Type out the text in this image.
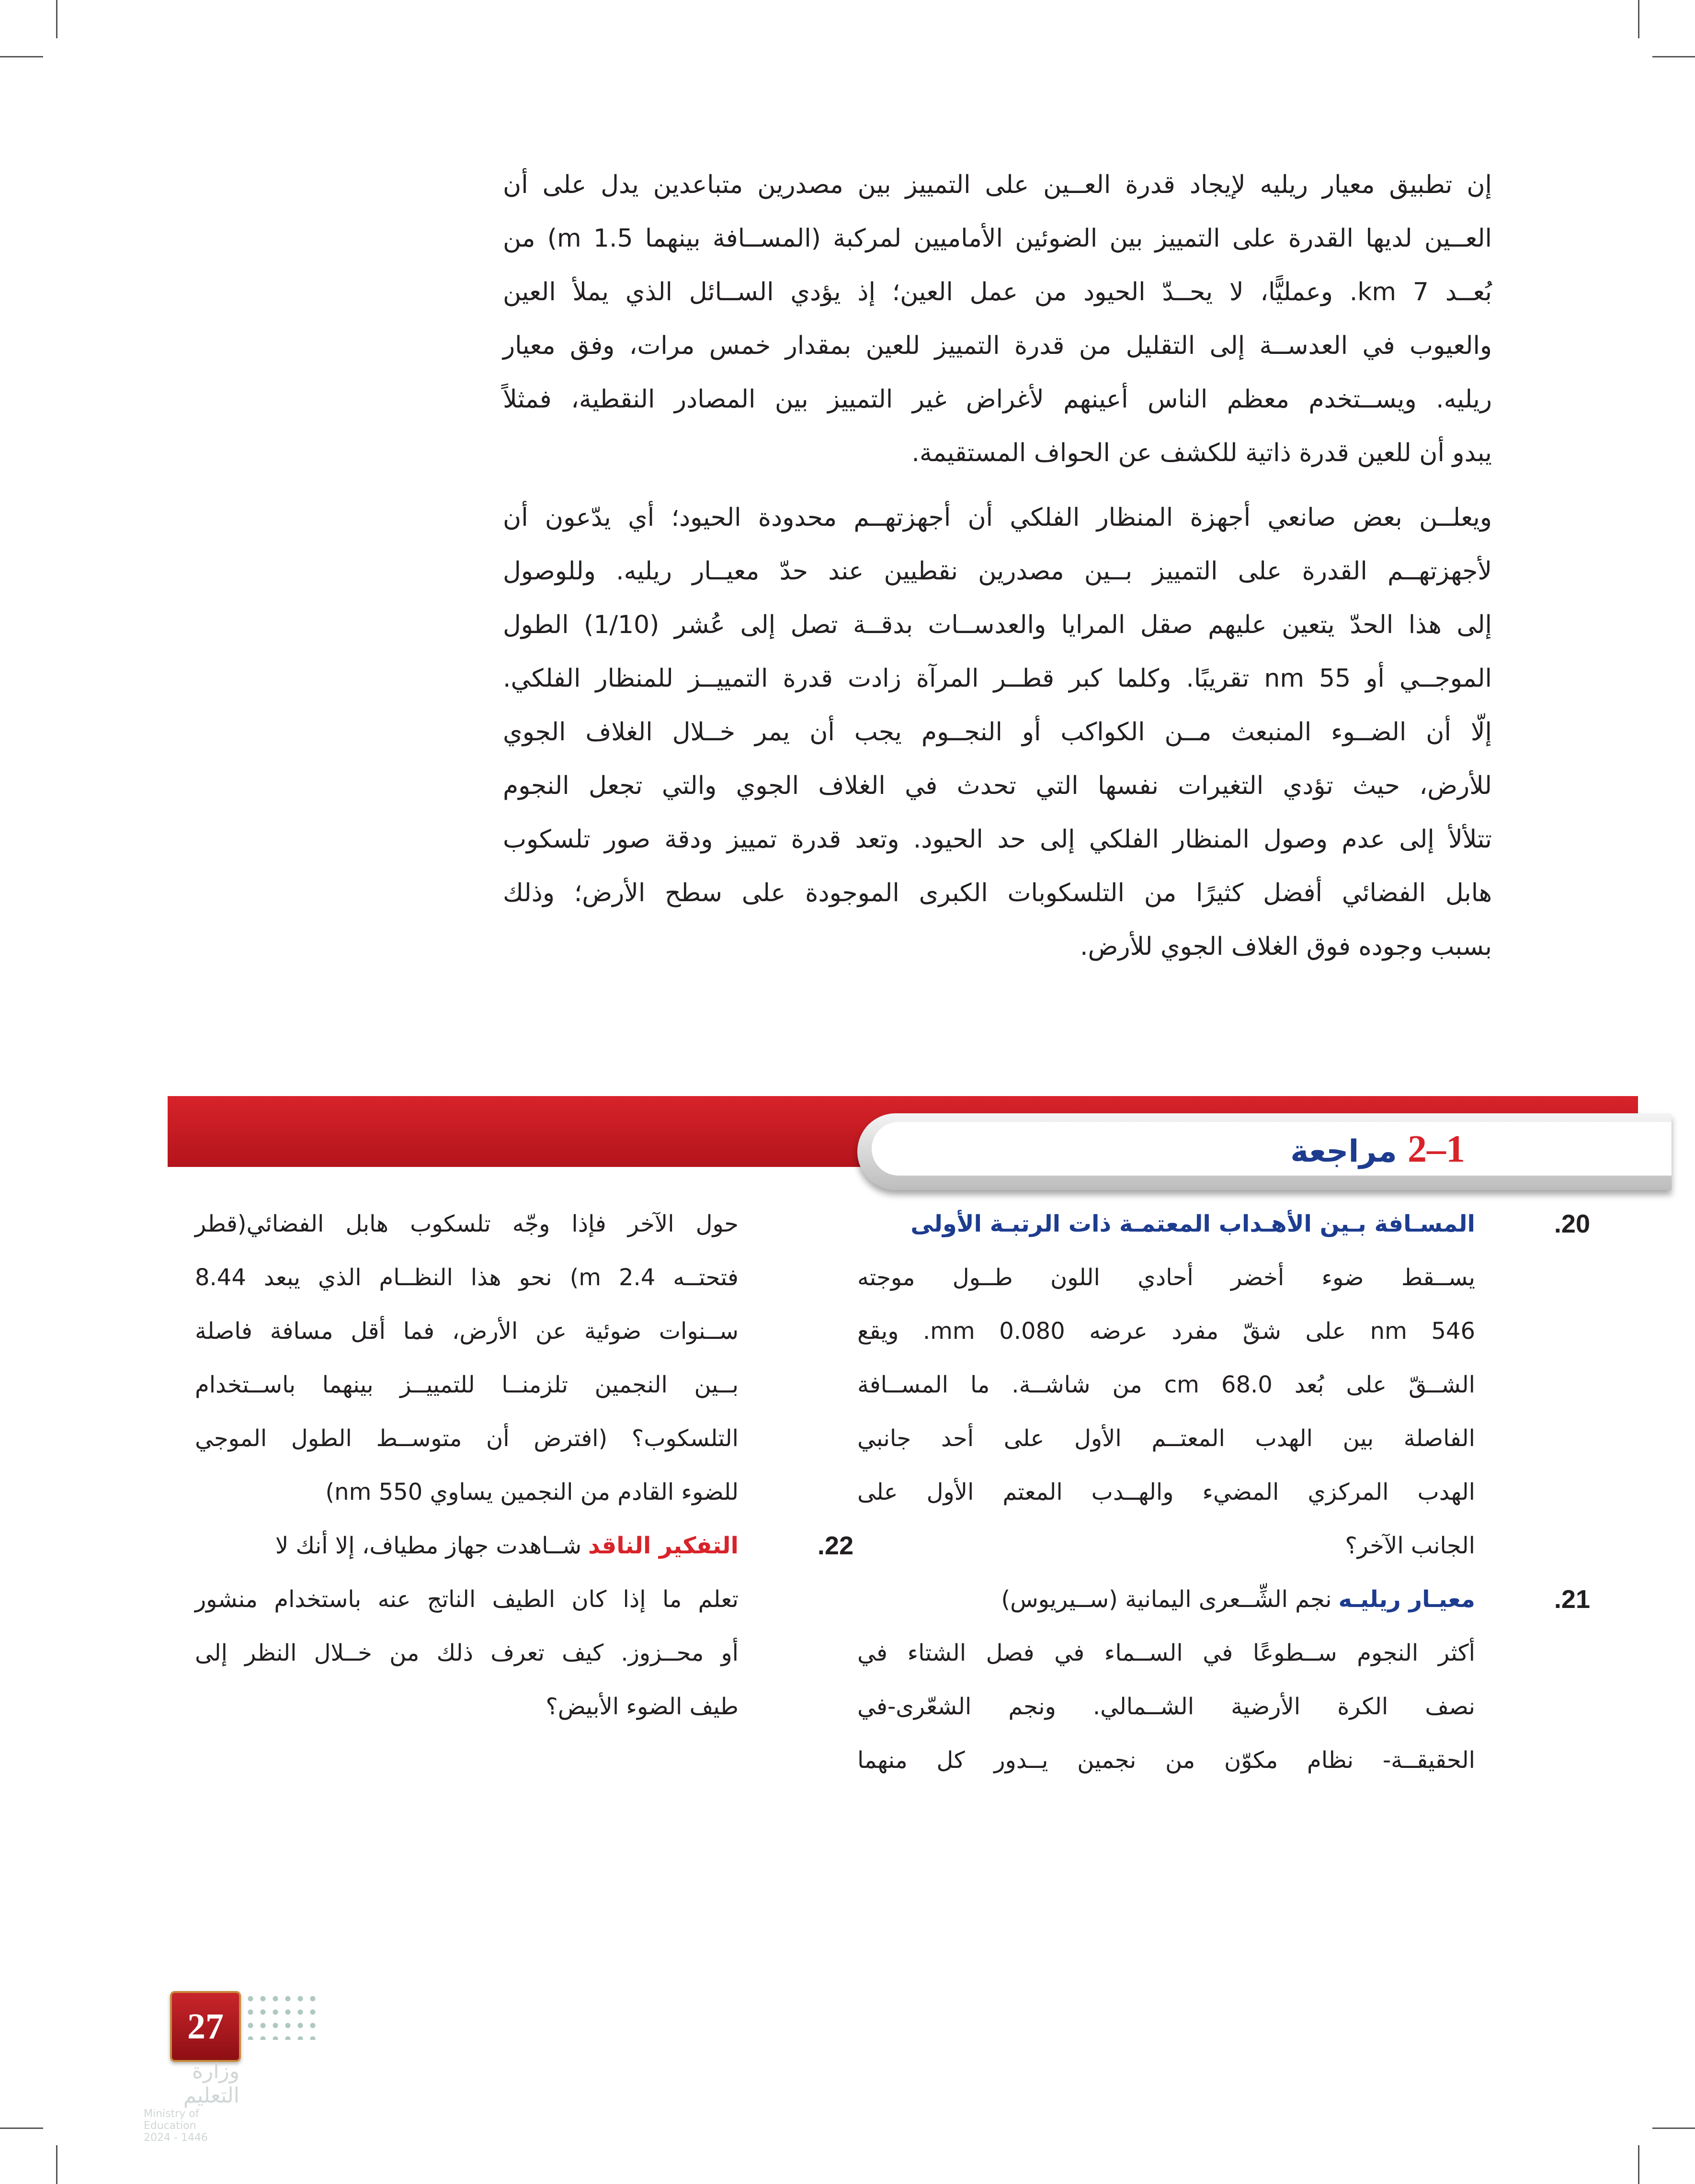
إن تطبيق معيار ريليه لإيجاد قدرة العــين على التمييز بين مصدرين متباعدين يدل على أن
العــين لديها القدرة على التمييز بين الضوئين الأماميين لمركبة (المســافة بينهما 1.5 m) من
بُعــد 7 km. وعمليًّا، لا يحــدّ الحيود من عمل العين؛ إذ يؤدي الســائل الذي يملأ العين
والعيوب في العدســة إلى التقليل من قدرة التمييز للعين بمقدار خمس مرات، وفق معيار
ريليه. ويســتخدم معظم الناس أعينهم لأغراض غير التمييز بين المصادر النقطية، فمثلاً
يبدو أن للعين قدرة ذاتية للكشف عن الحواف المستقيمة.
ويعلــن بعض صانعي أجهزة المنظار الفلكي أن أجهزتهــم محدودة الحيود؛ أي يدّعون أن
لأجهزتهــم القدرة على التمييز بــين مصدرين نقطيين عند حدّ معيــار ريليه. وللوصول
إلى هذا الحدّ يتعين عليهم صقل المرايا والعدســات بدقــة تصل إلى عُشر (1/10) الطول
الموجــي أو 55 nm تقريبًا. وكلما كبر قطــر المرآة زادت قدرة التمييــز للمنظار الفلكي.
إلّا أن الضــوء المنبعث مــن الكواكب أو النجــوم يجب أن يمر خــلال الغلاف الجوي
للأرض، حيث تؤدي التغيرات نفسها التي تحدث في الغلاف الجوي والتي تجعل النجوم
تتلألأ إلى عدم وصول المنظار الفلكي إلى حد الحيود. وتعد قدرة تمييز ودقة صور تلسكوب
هابل الفضائي أفضل كثيرًا من التلسكوبات الكبرى الموجودة على سطح الأرض؛ وذلك
بسبب وجوده فوق الغلاف الجوي للأرض.
1–2 مراجعة
20.
المسـافة بـين الأهـداب المعتمـة ذات الرتبـة الأولى
يســقط ضوء أخضر أحادي اللون طــول موجته
546 nm على شقّ مفرد عرضه 0.080 mm. ويقع
الشــقّ على بُعد 68.0 cm من شاشــة. ما المســافة
الفاصلة بين الهدب المعتــم الأول على أحد جانبي
الهدب المركزي المضيء والهــدب المعتم الأول على
الجانب الآخر؟
21.
معيـار ريليـه
نجم الشِّــعرى اليمانية (ســيريوس)
أكثر النجوم ســطوعًا في الســماء في فصل الشتاء في
نصف الكرة الأرضية الشــمالي. ونجم الشعّرى-في
الحقيقــة- نظام مكوّن من نجمين يــدور كل منهما
حول الآخر فإذا وجّه تلسكوب هابل الفضائي(قطر
فتحتــه 2.4 m) نحو هذا النظــام الذي يبعد 8.44
ســنوات ضوئية عن الأرض، فما أقل مسافة فاصلة
بــين النجمين تلزمنــا للتمييــز بينهما باســتخدام
التلسكوب؟ (افترض أن متوســط الطول الموجي
للضوء القادم من النجمين يساوي 550 nm)
22.
التفكير الناقد
شــاهدت جهاز مطياف، إلا أنك لا
تعلم ما إذا كان الطيف الناتج عنه باستخدام منشور
أو محــزوز. كيف تعرف ذلك من خــلال النظر إلى
طيف الضوء الأبيض؟
27
وزارة التعليم
Ministry of Education
2024 - 1446
